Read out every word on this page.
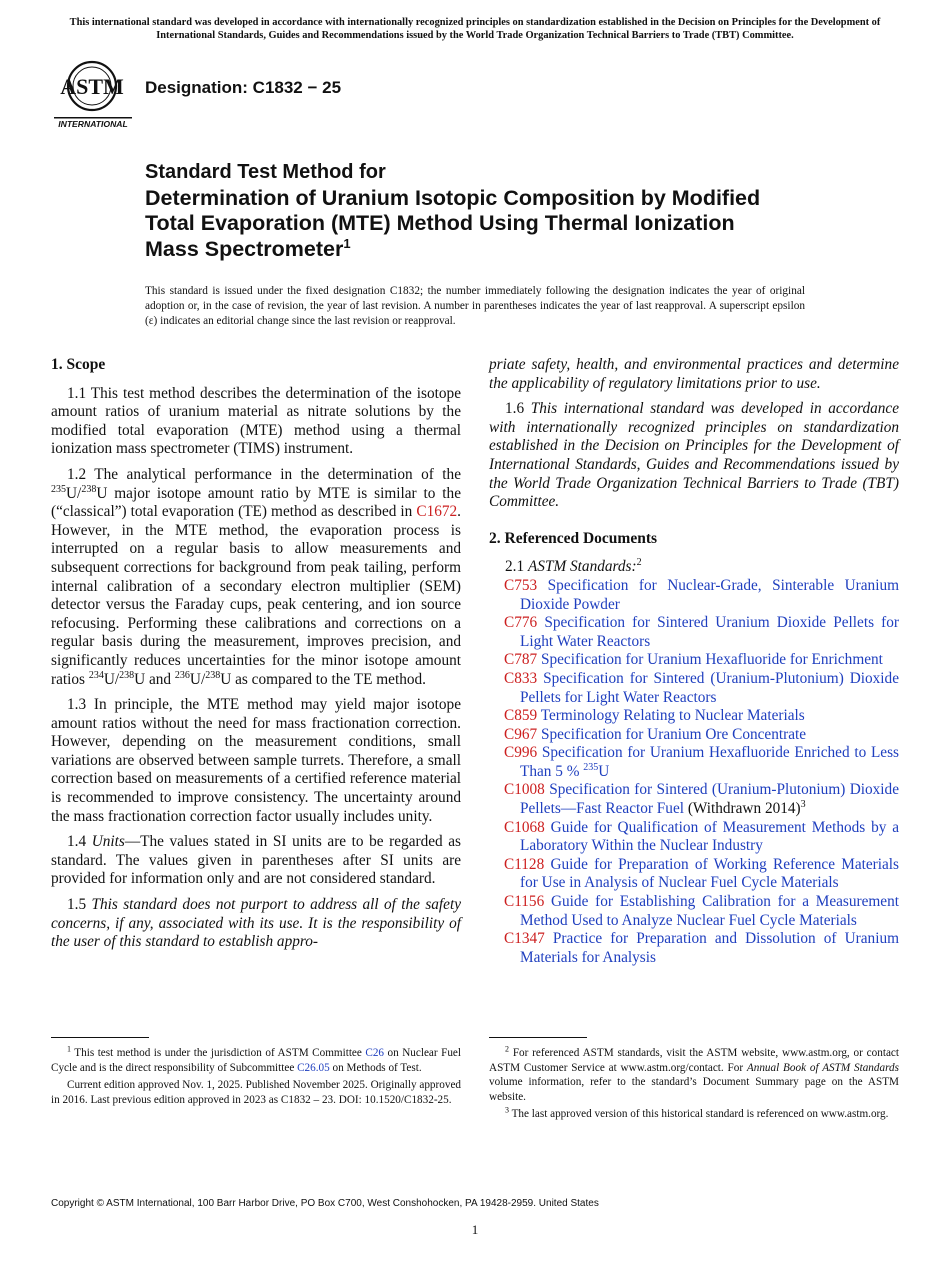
This international standard was developed in accordance with internationally recognized principles on standardization established in the Decision on Principles for the Development of International Standards, Guides and Recommendations issued by the World Trade Organization Technical Barriers to Trade (TBT) Committee.
ASTM
INTERNATIONAL
Designation: C1832 − 25
Standard Test Method for
Determination of Uranium Isotopic Composition by Modified
Total Evaporation (MTE) Method Using Thermal Ionization
Mass Spectrometer$^1$
This standard is issued under the fixed designation C1832; the number immediately following the designation indicates the year of original adoption or, in the case of revision, the year of last revision. A number in parentheses indicates the year of last reapproval. A superscript epsilon (ε) indicates an editorial change since the last revision or reapproval.
1. Scope

1.1 This test method describes the determination of the isotope amount ratios of uranium material as nitrate solutions by the modified total evaporation (MTE) method using a thermal ionization mass spectrometer (TIMS) instrument.

1.2 The analytical performance in the determination of the $^{235}$U/$^{238}$U major isotope amount ratio by MTE is similar to the (“classical”) total evaporation (TE) method as described in C1672. However, in the MTE method, the evaporation process is interrupted on a regular basis to allow measurements and subsequent corrections for background from peak tailing, perform internal calibration of a secondary electron multiplier (SEM) detector versus the Faraday cups, peak centering, and ion source refocusing. Performing these calibrations and corrections on a regular basis during the measurement, improves precision, and significantly reduces uncertainties for the minor isotope amount ratios $^{234}$U/$^{238}$U and $^{236}$U/$^{238}$U as compared to the TE method.

1.3 In principle, the MTE method may yield major isotope amount ratios without the need for mass fractionation correction. However, depending on the measurement conditions, small variations are observed between sample turrets. Therefore, a small correction based on measurements of a certified reference material is recommended to improve consistency. The uncertainty around the mass fractionation correction factor usually includes unity.

1.4 Units—The values stated in SI units are to be regarded as standard. The values given in parentheses after SI units are provided for information only and are not considered standard.

1.5 This standard does not purport to address all of the safety concerns, if any, associated with its use. It is the responsibility of the user of this standard to establish appro-

priate safety, health, and environmental practices and determine the applicability of regulatory limitations prior to use.

1.6 This international standard was developed in accordance with internationally recognized principles on standardization established in the Decision on Principles for the Development of International Standards, Guides and Recommendations issued by the World Trade Organization Technical Barriers to Trade (TBT) Committee.

2. Referenced Documents

2.1 ASTM Standards:$^2$

C753 Specification for Nuclear-Grade, Sinterable Uranium Dioxide Powder
C776 Specification for Sintered Uranium Dioxide Pellets for Light Water Reactors
C787 Specification for Uranium Hexafluoride for Enrichment
C833 Specification for Sintered (Uranium-Plutonium) Dioxide Pellets for Light Water Reactors
C859 Terminology Relating to Nuclear Materials
C967 Specification for Uranium Ore Concentrate
C996 Specification for Uranium Hexafluoride Enriched to Less Than 5 % $^{235}$U
C1008 Specification for Sintered (Uranium-Plutonium) Dioxide Pellets—Fast Reactor Fuel (Withdrawn 2014)$^3$
C1068 Guide for Qualification of Measurement Methods by a Laboratory Within the Nuclear Industry
C1128 Guide for Preparation of Working Reference Materials for Use in Analysis of Nuclear Fuel Cycle Materials
C1156 Guide for Establishing Calibration for a Measurement Method Used to Analyze Nuclear Fuel Cycle Materials
C1347 Practice for Preparation and Dissolution of Uranium Materials for Analysis

$^1$ This test method is under the jurisdiction of ASTM Committee C26 on Nuclear Fuel Cycle and is the direct responsibility of Subcommittee C26.05 on Methods of Test.

Current edition approved Nov. 1, 2025. Published November 2025. Originally approved in 2016. Last previous edition approved in 2023 as C1832 – 23. DOI: 10.1520/C1832-25.

$^2$ For referenced ASTM standards, visit the ASTM website, www.astm.org, or contact ASTM Customer Service at www.astm.org/contact. For Annual Book of ASTM Standards volume information, refer to the standard’s Document Summary page on the ASTM website.

$^3$ The last approved version of this historical standard is referenced on www.astm.org.

Copyright © ASTM International, 100 Barr Harbor Drive, PO Box C700, West Conshohocken, PA 19428-2959. United States
1
